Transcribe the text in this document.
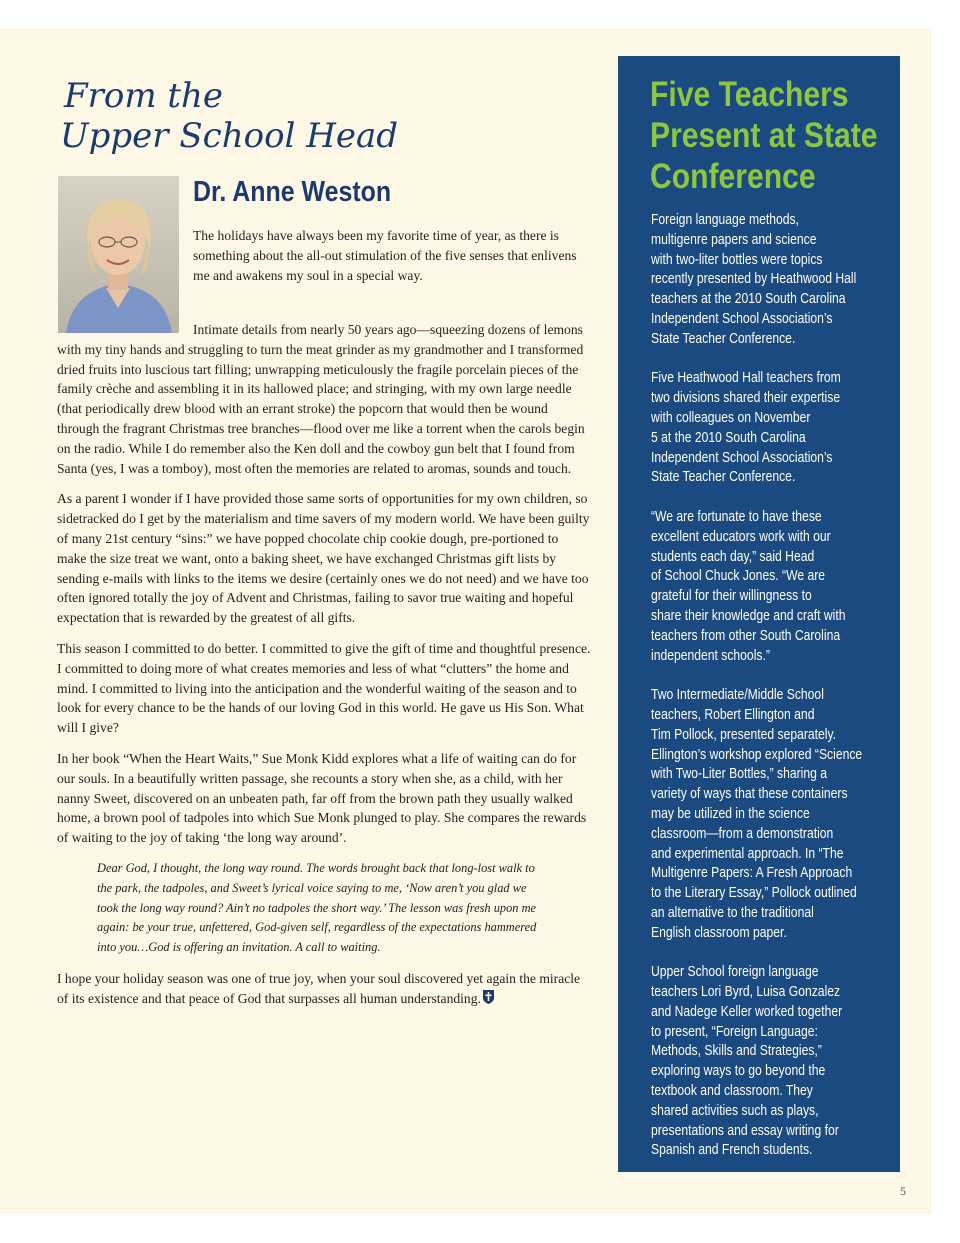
From the
Upper School Head
Dr. Anne Weston

The holidays have always been my favorite time of year, as there is something about the all-out stimulation of the five senses that enlivens me and awakens my soul in a special way.

Intimate details from nearly 50 years ago—squeezing dozens of lemons with my tiny hands and struggling to turn the meat grinder as my grandmother and I transformed dried fruits into luscious tart filling; unwrapping meticulously the fragile porcelain pieces of the family crèche and assembling it in its hallowed place; and stringing, with my own large needle (that periodically drew blood with an errant stroke) the popcorn that would then be wound through the fragrant Christmas tree branches—flood over me like a torrent when the carols begin on the radio. While I do remember also the Ken doll and the cowboy gun belt that I found from Santa (yes, I was a tomboy), most often the memories are related to aromas, sounds and touch.

As a parent I wonder if I have provided those same sorts of opportunities for my own children, so sidetracked do I get by the materialism and time savers of my modern world. We have been guilty of many 21st century “sins:” we have popped chocolate chip cookie dough, pre-portioned to make the size treat we want, onto a baking sheet, we have exchanged Christmas gift lists by sending e-mails with links to the items we desire (certainly ones we do not need) and we have too often ignored totally the joy of Advent and Christmas, failing to savor true waiting and hopeful expectation that is rewarded by the greatest of all gifts.

This season I committed to do better. I committed to give the gift of time and thoughtful presence. I committed to doing more of what creates memories and less of what “clutters” the home and mind. I committed to living into the anticipation and the wonderful waiting of the season and to look for every chance to be the hands of our loving God in this world. He gave us His Son. What will I give?

In her book “When the Heart Waits,” Sue Monk Kidd explores what a life of waiting can do for our souls. In a beautifully written passage, she recounts a story when she, as a child, with her nanny Sweet, discovered on an unbeaten path, far off from the brown path they usually walked home, a brown pool of tadpoles into which Sue Monk plunged to play. She compares the rewards of waiting to the joy of taking ‘the long way around’.

Dear God, I thought, the long way round. The words brought back that long-lost walk to the park, the tadpoles, and Sweet’s lyrical voice saying to me, ‘Now aren’t you glad we took the long way round? Ain’t no tadpoles the short way.’ The lesson was fresh upon me again: be your true, unfettered, God-given self, regardless of the expectations hammered into you…God is offering an invitation. A call to waiting.

I hope your holiday season was one of true joy, when your soul discovered yet again the miracle of its existence and that peace of God that surpasses all human understanding.

Five Teachers
Present at State
Conference

Foreign language methods,
multigenre papers and science
with two-liter bottles were topics
recently presented by Heathwood Hall
teachers at the 2010 South Carolina
Independent School Association’s
State Teacher Conference.

Five Heathwood Hall teachers from
two divisions shared their expertise
with colleagues on November
5 at the 2010 South Carolina
Independent School Association’s
State Teacher Conference.

“We are fortunate to have these
excellent educators work with our
students each day,” said Head
of School Chuck Jones. “We are
grateful for their willingness to
share their knowledge and craft with
teachers from other South Carolina
independent schools.”

Two Intermediate/Middle School
teachers, Robert Ellington and
Tim Pollock, presented separately.
Ellington’s workshop explored “Science
with Two-Liter Bottles,” sharing a
variety of ways that these containers
may be utilized in the science
classroom—from a demonstration
and experimental approach. In “The
Multigenre Papers: A Fresh Approach
to the Literary Essay,” Pollock outlined
an alternative to the traditional
English classroom paper.

Upper School foreign language
teachers Lori Byrd, Luisa Gonzalez
and Nadege Keller worked together
to present, “Foreign Language:
Methods, Skills and Strategies,”
exploring ways to go beyond the
textbook and classroom. They
shared activities such as plays,
presentations and essay writing for
Spanish and French students.

5
